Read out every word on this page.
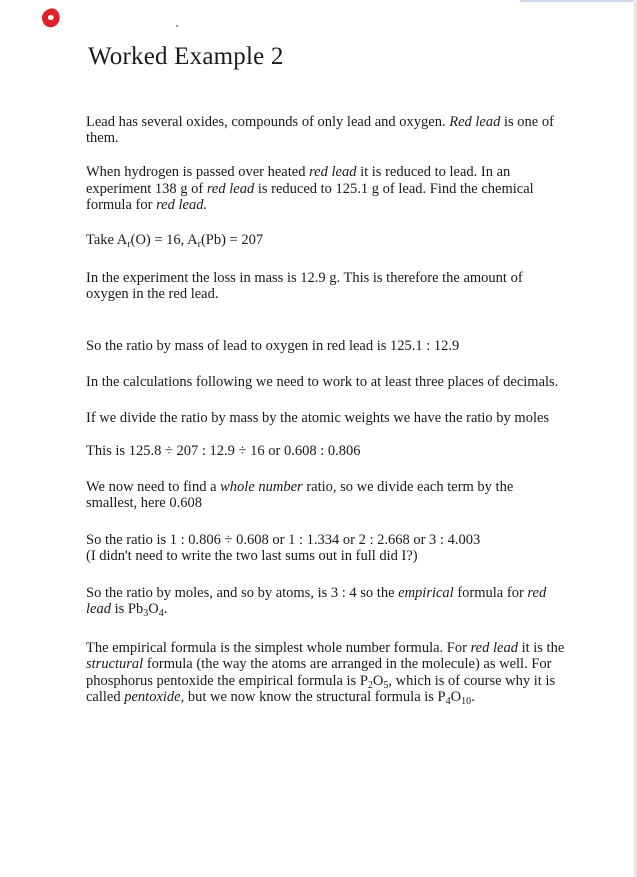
Worked Example 2

Lead has several oxides, compounds of only lead and oxygen. Red lead is one of

them.

When hydrogen is passed over heated red lead it is reduced to lead. In an

experiment 138 g of red lead is reduced to 125.1 g of lead. Find the chemical

formula for red lead.

Take $A_r(O) = 16$, $A_r(Pb) = 207$

In the experiment the loss in mass is 12.9 g. This is therefore the amount of

oxygen in the red lead.

So the ratio by mass of lead to oxygen in red lead is 125.1 : 12.9

In the calculations following we need to work to at least three places of decimals.

If we divide the ratio by mass by the atomic weights we have the ratio by moles

This is 125.8 ÷ 207 : 12.9 ÷ 16 or 0.608 : 0.806

We now need to find a whole number ratio, so we divide each term by the

smallest, here 0.608

So the ratio is 1 : 0.806 ÷ 0.608 or 1 : 1.334 or 2 : 2.668 or 3 : 4.003

(I didn't need to write the two last sums out in full did I?)

So the ratio by moles, and so by atoms, is 3 : 4 so the empirical formula for red

lead is $Pb_3O_4$.

The empirical formula is the simplest whole number formula. For red lead it is the

structural formula (the way the atoms are arranged in the molecule) as well. For

phosphorus pentoxide the empirical formula is $P_2O_5$, which is of course why it is

called pentoxide, but we now know the structural formula is $P_4O_{10}$.
